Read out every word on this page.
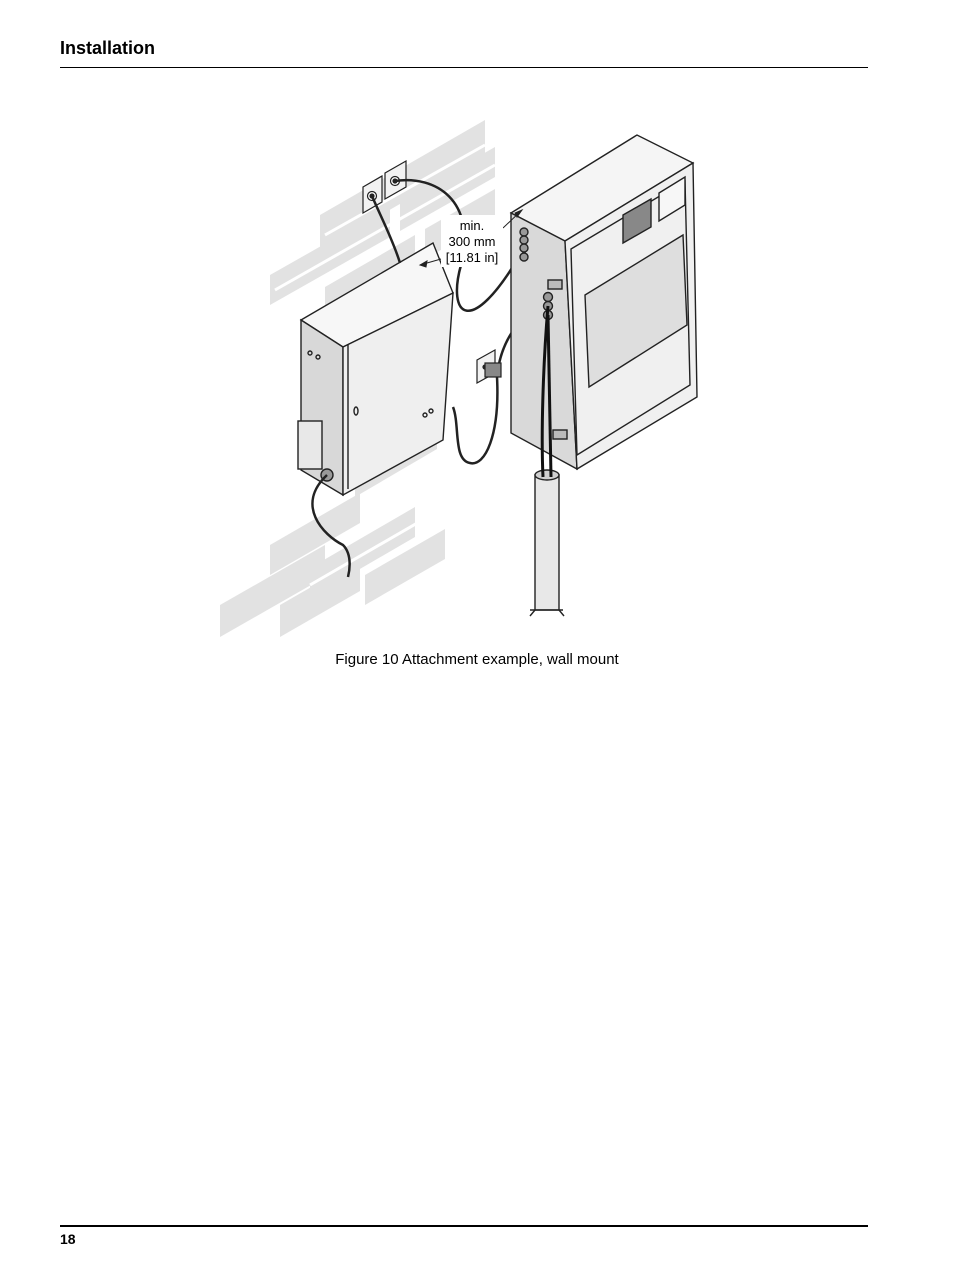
Installation
min.
300 mm
[11.81 in]
Figure 10 Attachment example, wall mount
18
